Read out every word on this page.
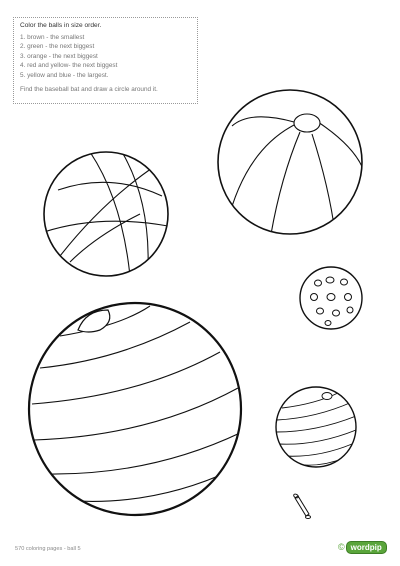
Color the balls in size order.
1. brown - the smallest
2. green - the next biggest
3. orange - the next biggest
4. red and yellow- the next biggest
5. yellow and blue - the largest.
Find the baseball bat and draw a circle around it.
570 coloring pages - ball 5	© wordpip
